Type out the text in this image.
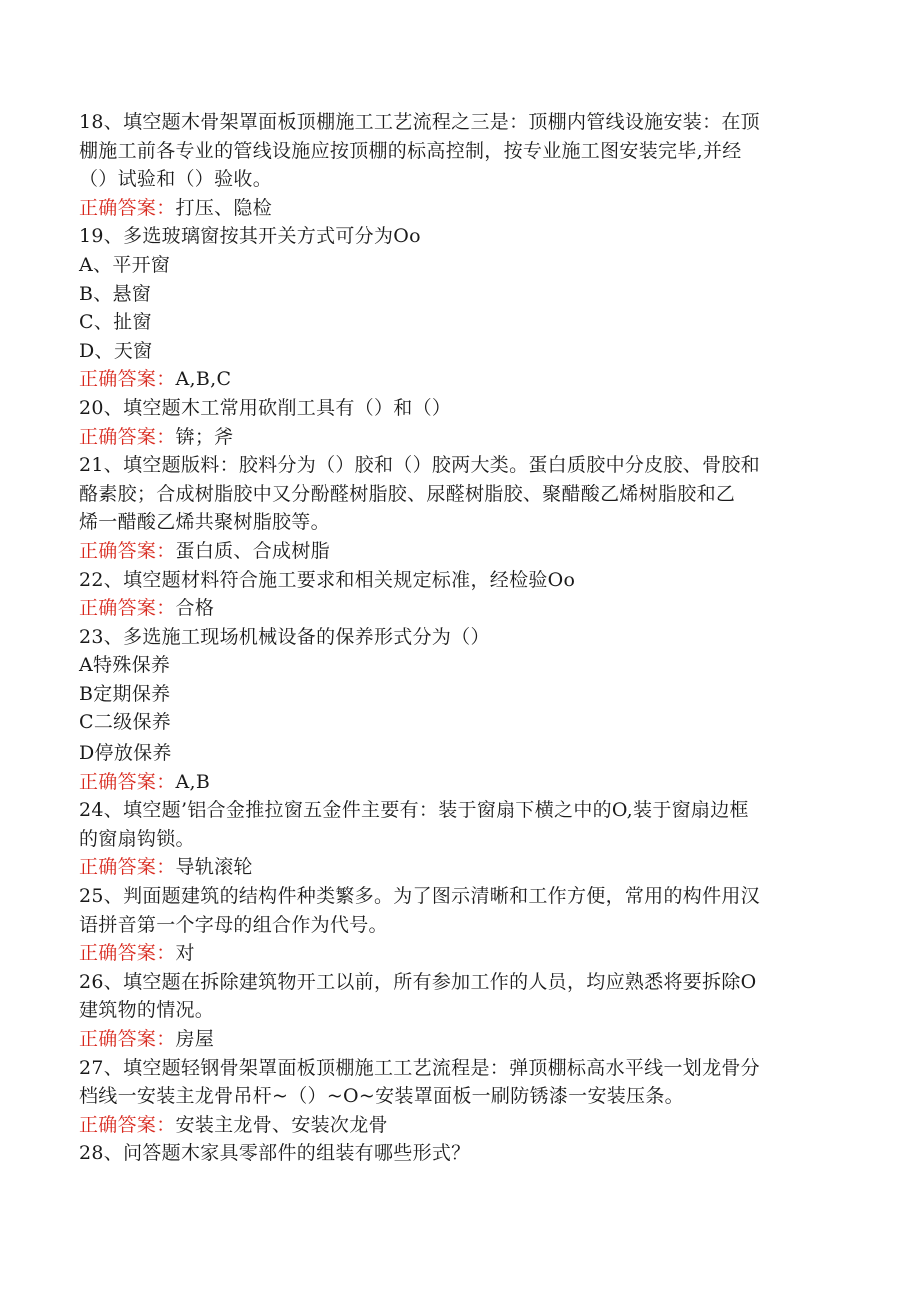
18、填空题木骨架罩面板顶棚施工工艺流程之三是：顶棚内管线设施安装：在顶
棚施工前各专业的管线设施应按顶棚的标高控制，按专业施工图安装完毕,并经
（）试验和（）验收。
正确答案：打压、隐检
19、多选玻璃窗按其开关方式可分为Oo
A、平开窗
B、悬窗
C、扯窗
D、天窗
正确答案：A,B,C
20、填空题木工常用砍削工具有（）和（）
正确答案：锛；斧
21、填空题版料：胶料分为（）胶和（）胶两大类。蛋白质胶中分皮胶、骨胶和
酪素胶；合成树脂胶中又分酚醛树脂胶、尿醛树脂胶、聚醋酸乙烯树脂胶和乙
烯一醋酸乙烯共聚树脂胶等。
正确答案：蛋白质、合成树脂
22、填空题材料符合施工要求和相关规定标准，经检验Oo
正确答案：合格
23、多选施工现场机械设备的保养形式分为（）
A特殊保养
B定期保养
C二级保养
D停放保养
正确答案：A,B
24、填空题’铝合金推拉窗五金件主要有：装于窗扇下横之中的O,装于窗扇边框
的窗扇钩锁。
正确答案：导轨滚轮
25、判面题建筑的结构件种类繁多。为了图示清晰和工作方便，常用的构件用汉
语拼音第一个字母的组合作为代号。
正确答案：对
26、填空题在拆除建筑物开工以前，所有参加工作的人员，均应熟悉将要拆除O
建筑物的情况。
正确答案：房屋
27、填空题轻钢骨架罩面板顶棚施工工艺流程是：弹顶棚标高水平线一划龙骨分
档线一安装主龙骨吊杆~（）~O~安装罩面板一刷防锈漆一安装压条。
正确答案：安装主龙骨、安装次龙骨
28、问答题木家具零部件的组装有哪些形式？
